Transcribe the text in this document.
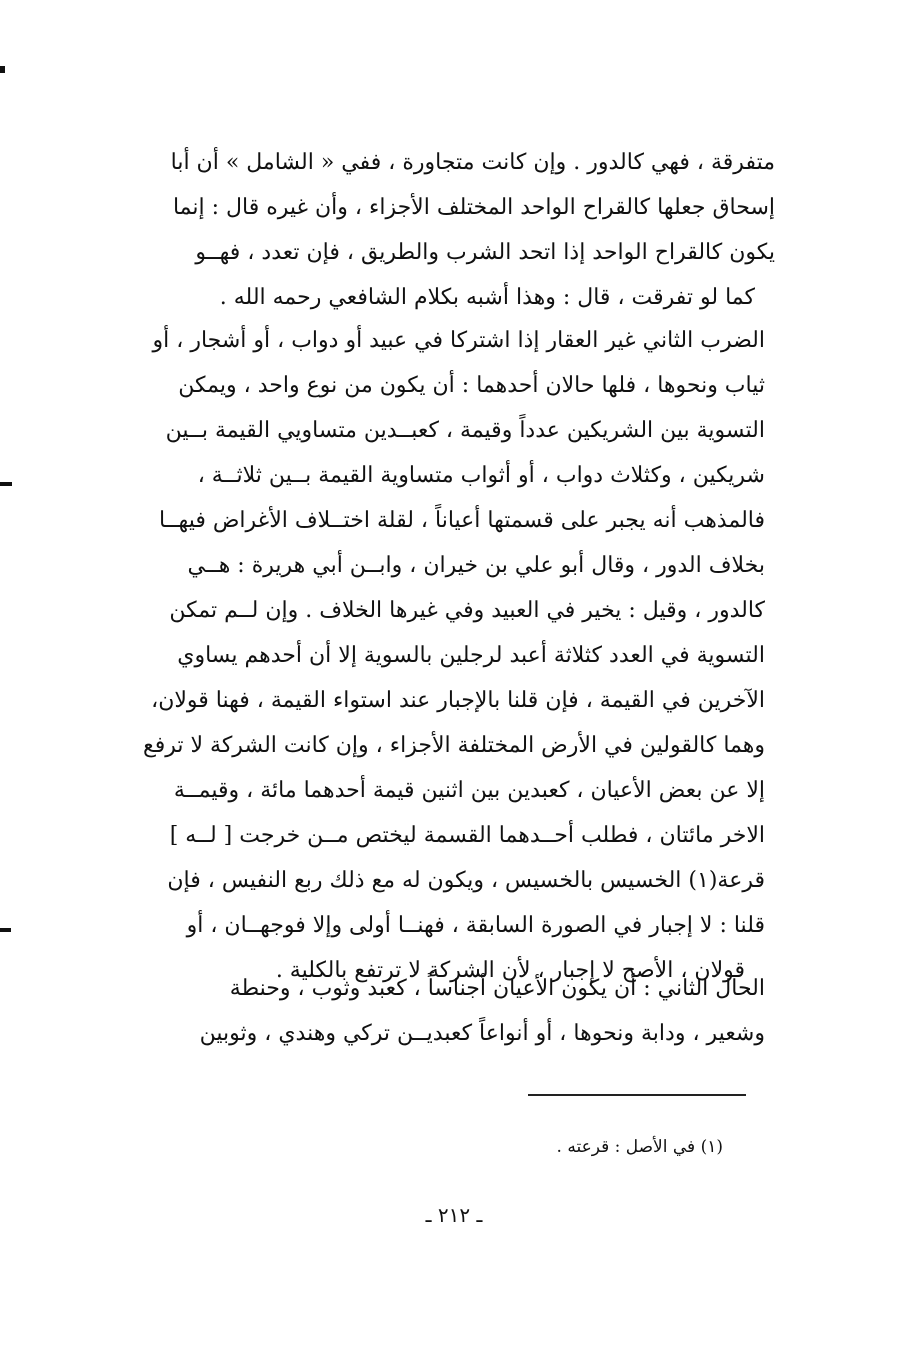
متفرقة ، فهي كالدور . وإن كانت متجاورة ، ففي « الشامل » أن أبا
إسحاق جعلها كالقراح الواحد المختلف الأجزاء ، وأن غيره قال : إنما
يكون كالقراح الواحد إذا اتحد الشرب والطريق ، فإن تعدد ، فهــو
كما لو تفرقت ، قال : وهذا أشبه بكلام الشافعي رحمه الله .
الضرب الثاني غير العقار إذا اشتركا في عبيد أو دواب ، أو أشجار ، أو
ثياب ونحوها ، فلها حالان أحدهما : أن يكون من نوع واحد ، ويمكن
التسوية بين الشريكين عدداً وقيمة ، كعبــدين متساويي القيمة بــين
شريكين ، وكثلاث دواب ، أو أثواب متساوية القيمة بــين ثلاثــة ،
فالمذهب أنه يجبر على قسمتها أعياناً ، لقلة اختــلاف الأغراض فيهــا
بخلاف الدور ، وقال أبو علي بن خيران ، وابــن أبي هريرة : هــي
كالدور ، وقيل : يخير في العبيد وفي غيرها الخلاف . وإن لــم تمكن
التسوية في العدد كثلاثة أعبد لرجلين بالسوية إلا أن أحدهم يساوي
الآخرين في القيمة ، فإن قلنا بالإجبار عند استواء القيمة ، فهنا قولان،
وهما كالقولين في الأرض المختلفة الأجزاء ، وإن كانت الشركة لا ترفع
إلا عن بعض الأعيان ، كعبدين بين اثنين قيمة أحدهما مائة ، وقيمــة
الاخر مائتان ، فطلب أحــدهما القسمة ليختص مــن خرجت [ لــه ]
قرعة(١) الخسيس بالخسيس ، ويكون له مع ذلك ربع النفيس ، فإن
قلنا : لا إجبار في الصورة السابقة ، فهنــا أولى وإلا فوجهــان ، أو
قولان ، الأصح لا إجبار ، لأن الشركة لا ترتفع بالكلية .
الحال الثاني : أن يكون الأعيان أجناساً ، كعبد وثوب ، وحنطة
وشعير ، ودابة ونحوها ، أو أنواعاً كعبديــن تركي وهندي ، وثوبين
(١) في الأصل : قرعته .
ـ ٢١٢ ـ
